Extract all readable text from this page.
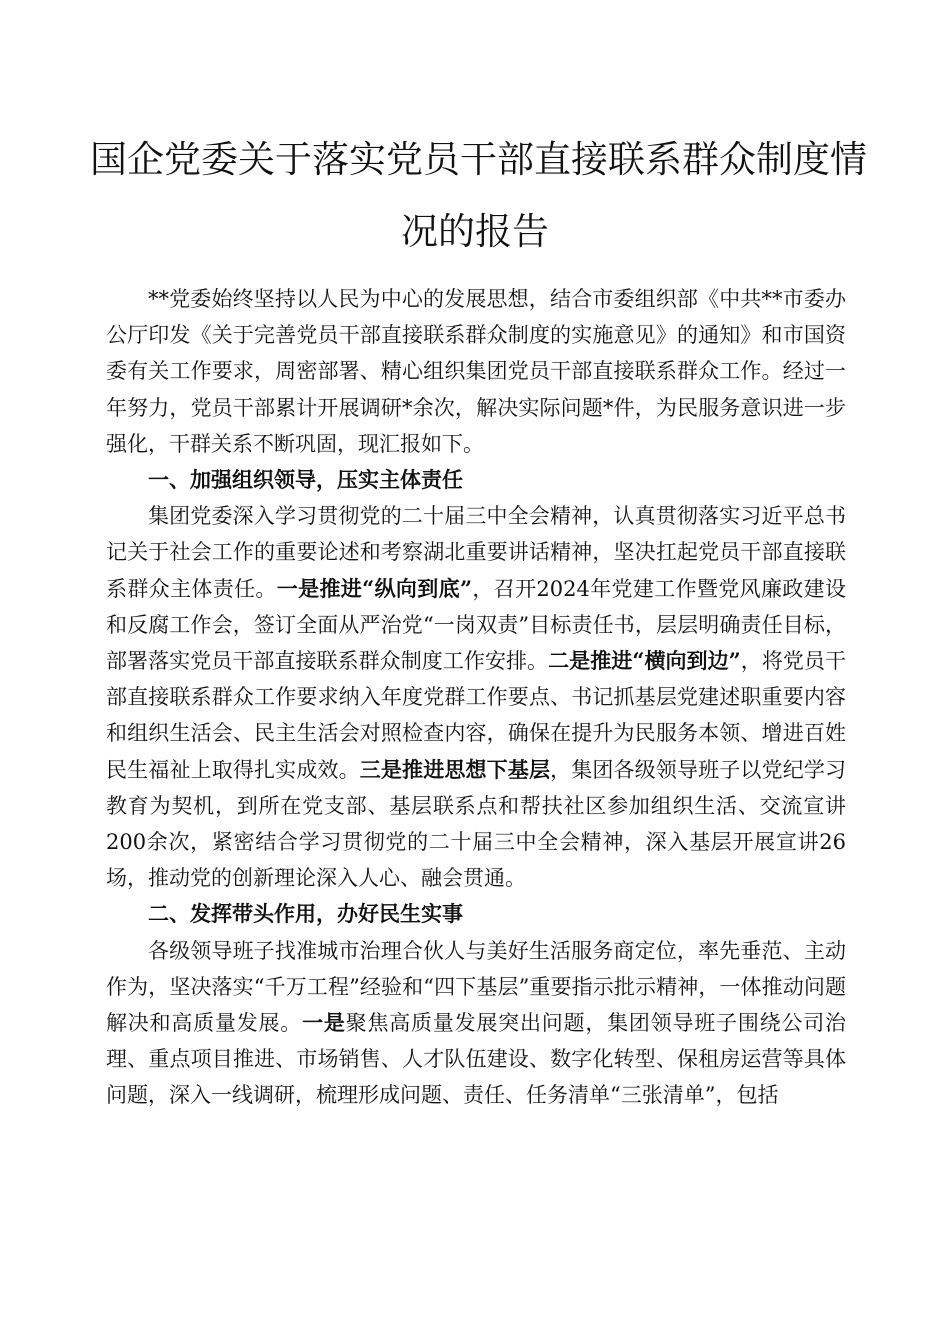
国企党委关于落实党员干部直接联系群众制度情
况的报告

**党委始终坚持以人民为中心的发展思想，结合市委组织部《中共**市委办公厅印发《关于完善党员干部直接联系群众制度的实施意见》的通知》和市国资委有关工作要求，周密部署、精心组织集团党员干部直接联系群众工作。经过一年努力，党员干部累计开展调研*余次，解决实际问题*件，为民服务意识进一步强化，干群关系不断巩固，现汇报如下。

一、加强组织领导，压实主体责任

集团党委深入学习贯彻党的二十届三中全会精神，认真贯彻落实习近平总书记关于社会工作的重要论述和考察湖北重要讲话精神，坚决扛起党员干部直接联系群众主体责任。一是推进“纵向到底”，召开2024年党建工作暨党风廉政建设和反腐工作会，签订全面从严治党“一岗双责”目标责任书，层层明确责任目标，部署落实党员干部直接联系群众制度工作安排。二是推进“横向到边”，将党员干部直接联系群众工作要求纳入年度党群工作要点、书记抓基层党建述职重要内容和组织生活会、民主生活会对照检查内容，确保在提升为民服务本领、增进百姓民生福祉上取得扎实成效。三是推进思想下基层，集团各级领导班子以党纪学习教育为契机，到所在党支部、基层联系点和帮扶社区参加组织生活、交流宣讲200余次，紧密结合学习贯彻党的二十届三中全会精神，深入基层开展宣讲26场，推动党的创新理论深入人心、融会贯通。

二、发挥带头作用，办好民生实事

各级领导班子找准城市治理合伙人与美好生活服务商定位，率先垂范、主动作为，坚决落实“千万工程”经验和“四下基层”重要指示批示精神，一体推动问题解决和高质量发展。一是聚焦高质量发展突出问题，集团领导班子围绕公司治理、重点项目推进、市场销售、人才队伍建设、数字化转型、保租房运营等具体问题，深入一线调研，梳理形成问题、责任、任务清单“三张清单”，包括
